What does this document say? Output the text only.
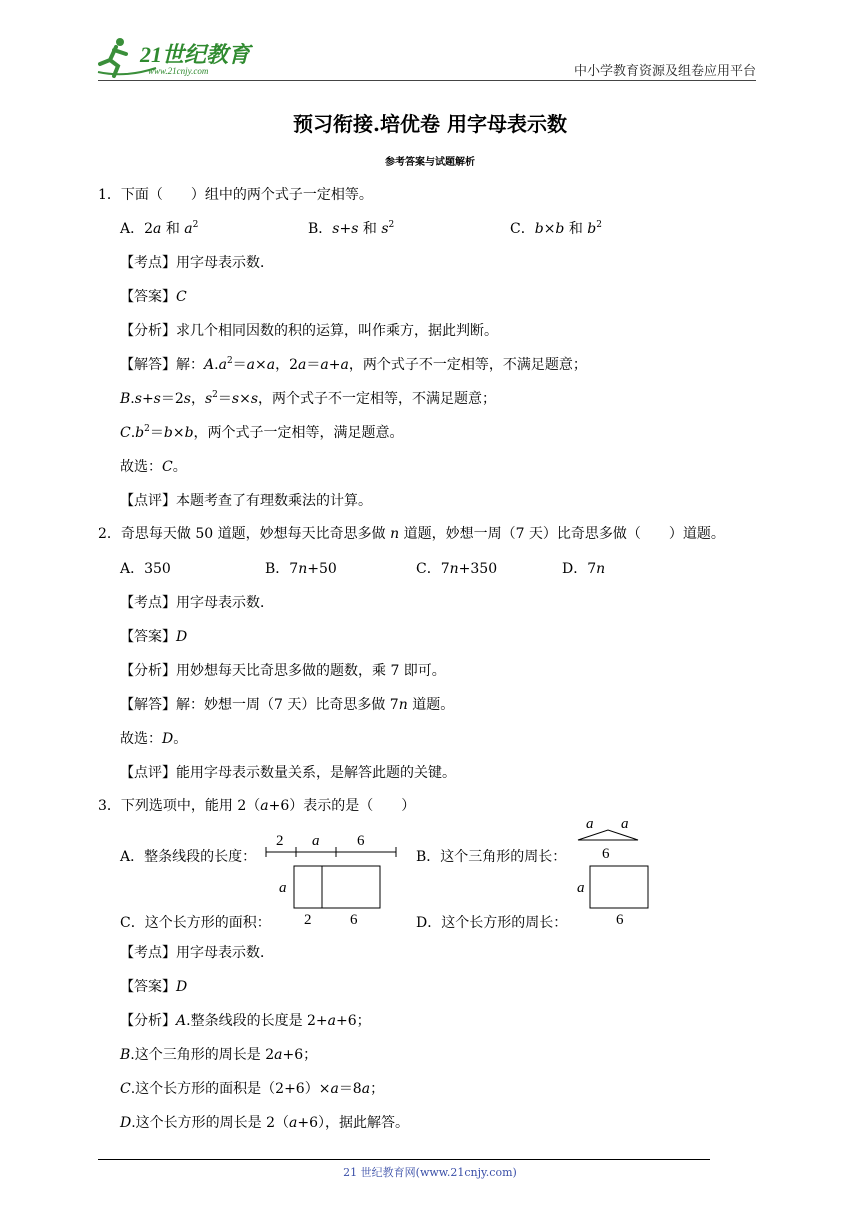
21世纪教育
www.21cnjy.com	中小学教育资源及组卷应用平台
预习衔接.培优卷 用字母表示数
参考答案与试题解析
1．下面（　　）组中的两个式子一定相等。
A．2a 和 $a^2$	B．s+s 和 $s^2$	C．b×b 和 $b^2$
【考点】用字母表示数．
【答案】C
【分析】求几个相同因数的积的运算，叫作乘方，据此判断。
【解答】解：$A.a^2=a\times a$，2a＝a+a，两个式子不一定相等，不满足题意；
B.s+s＝2s，$s^2=s\times s$，两个式子不一定相等，不满足题意；
$C.b^2=b\times b$，两个式子一定相等，满足题意。
故选：C。
【点评】本题考查了有理数乘法的计算。
2．奇思每天做 50 道题，妙想每天比奇思多做 n 道题，妙想一周（7 天）比奇思多做（　　）道题。
A．350	B．7n+50	C．7n+350	D．7n
【考点】用字母表示数．
【答案】D
【分析】用妙想每天比奇思多做的题数，乘 7 即可。
【解答】解：妙想一周（7 天）比奇思多做 7n 道题。
故选：D。
【点评】能用字母表示数量关系，是解答此题的关键。
3．下列选项中，能用 2（a+6）表示的是（　　）
A．整条线段的长度：
2 a	6
B．这个三角形的周长：
a a
6
a
2	6
C．这个长方形的面积：
a
6
D．这个长方形的周长：
【考点】用字母表示数．
【答案】D
【分析】A.整条线段的长度是 2+a+6；
B.这个三角形的周长是 2a+6；
C.这个长方形的面积是（2+6）×a＝8a；
D.这个长方形的周长是 2（a+6），据此解答。
21 世纪教育网(www.21cnjy.com)
